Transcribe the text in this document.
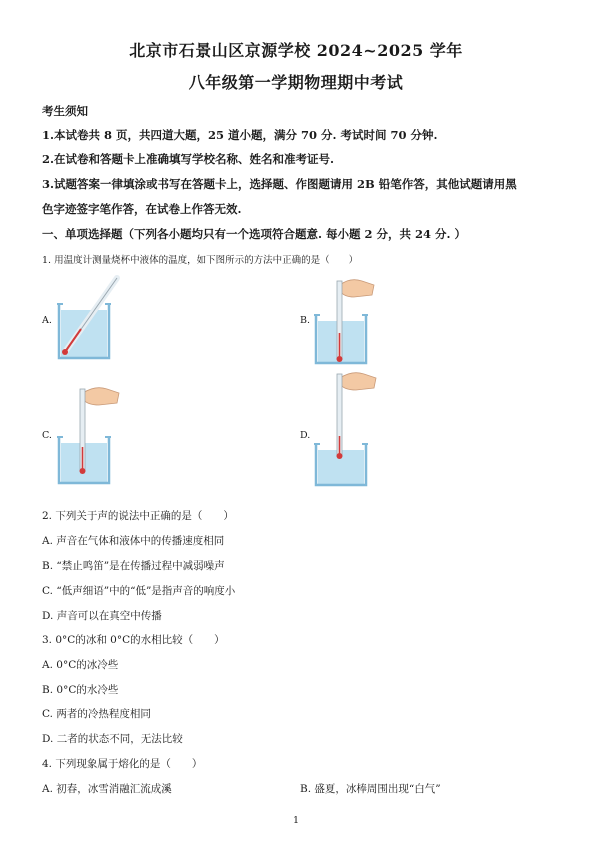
北京市石景山区京源学校 2024~2025 学年
八年级第一学期物理期中考试
考生须知
1.本试卷共 8 页，共四道大题，25 道小题，满分 70 分. 考试时间 70 分钟.
2.在试卷和答题卡上准确填写学校名称、姓名和准考证号.
3.试题答案一律填涂或书写在答题卡上，选择题、作图题请用 2B 铅笔作答，其他试题请用黑
色字迹签字笔作答，在试卷上作答无效.
一、单项选择题（下列各小题均只有一个选项符合题意. 每小题 2 分，共 24 分. ）
1. 用温度计测量烧杯中液体的温度，如下图所示的方法中正确的是（　　）
A.	B.
C.	D.
2. 下列关于声的说法中正确的是（　　）
A. 声音在气体和液体中的传播速度相同
B. “禁止鸣笛”是在传播过程中减弱噪声
C. “低声细语”中的“低”是指声音的响度小
D. 声音可以在真空中传播
3. 0°C的冰和 0°C的水相比较（　　）
A. 0°C的冰冷些
B. 0°C的水冷些
C. 两者的冷热程度相同
D. 二者的状态不同，无法比较
4. 下列现象属于熔化的是（　　）
A. 初春，冰雪消融汇流成溪	B. 盛夏，冰棒周围出现“白气”
1
